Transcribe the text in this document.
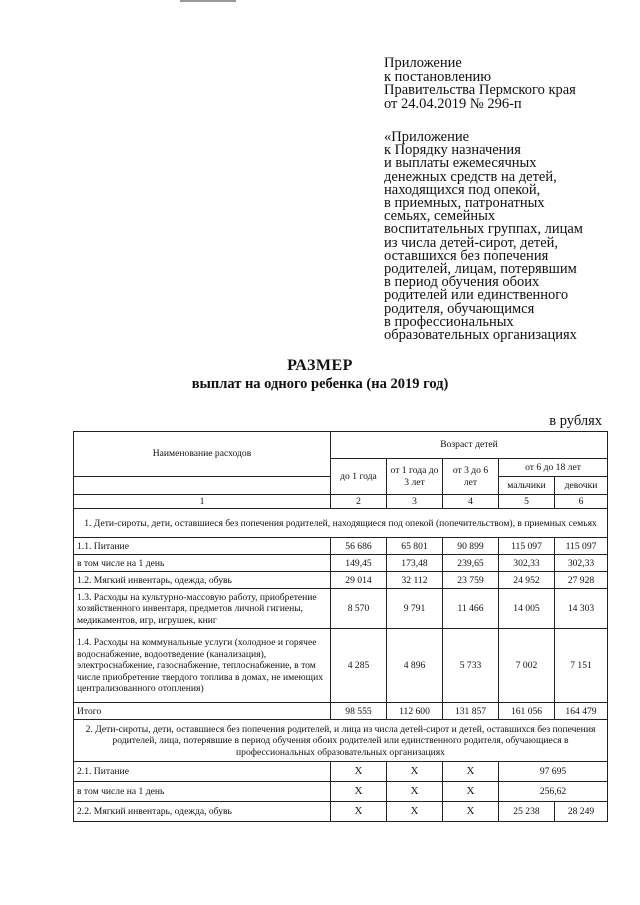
Приложение
к постановлению
Правительства Пермского края
от 24.04.2019 № 296-п
«Приложение
к Порядку назначения
и выплаты ежемесячных
денежных средств на детей,
находящихся под опекой,
в приемных, патронатных
семьях, семейных
воспитательных группах, лицам
из числа детей-сирот, детей,
оставшихся без попечения
родителей, лицам, потерявшим
в период обучения обоих
родителей или единственного
родителя, обучающимся
в профессиональных
образовательных организациях
РАЗМЕР
выплат на одного ребенка (на 2019 год)
в рублях
Наименование расходов	Возраст детей				
	до 1 года	от 1 года до 3 лет	от 3 до 6 лет	от 6 до 18 лет	
				мальчики	девочки
1	2	3	4	5	6
1. Дети-сироты, дети, оставшиеся без попечения родителей, находящиеся под опекой (попечительством), в приемных семьях					
1.1. Питание	56 686	65 801	90 899	115 097	115 097
в том числе на 1 день	149,45	173,48	239,65	302,33	302,33
1.2. Мягкий инвентарь, одежда, обувь	29 014	32 112	23 759	24 952	27 928
1.3. Расходы на культурно-массовую работу, приобретение хозяйственного инвентаря, предметов личной гигиены, медикаментов, игр, игрушек, книг	8 570	9 791	11 466	14 005	14 303
1.4. Расходы на коммунальные услуги (холодное и горячее водоснабжение, водоотведение (канализация), электроснабжение, газоснабжение, теплоснабжение, в том числе приобретение твердого топлива в домах, не имеющих централизованного отопления)	4 285	4 896	5 733	7 002	7 151
Итого	98 555	112 600	131 857	161 056	164 479
2. Дети-сироты, дети, оставшиеся без попечения родителей, и лица из числа детей-сирот и детей, оставшихся без попечения родителей, лица, потерявшие в период обучения обоих родителей или единственного родителя, обучающиеся в профессиональных образовательных организациях					
2.1. Питание	Х	Х	Х	97 695	
в том числе на 1 день	Х	Х	Х	256,62	
2.2. Мягкий инвентарь, одежда, обувь	Х	Х	Х	25 238	28 249
